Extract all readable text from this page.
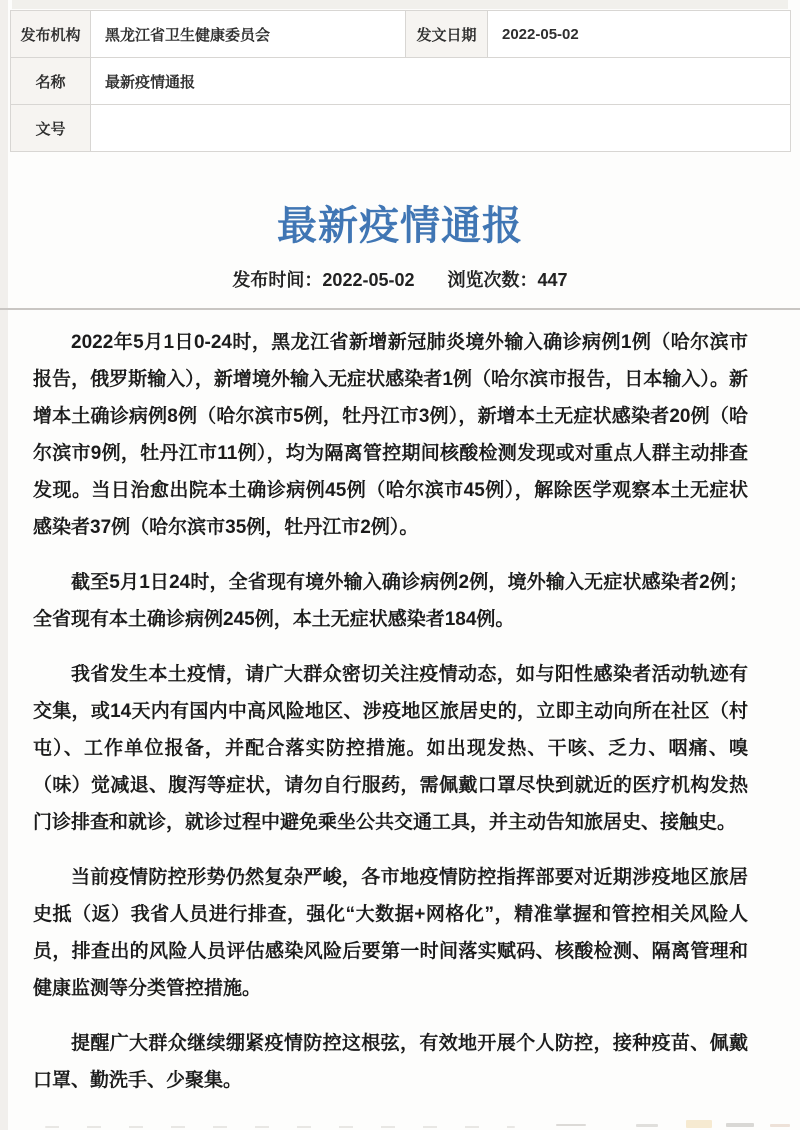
发布机构	黑龙江省卫生健康委员会	发文日期	2022-05-02
名称	最新疫情通报		
文号			
最新疫情通报
发布时间：2022-05-02 浏览次数：447

2022年5月1日0-24时，黑龙江省新增新冠肺炎境外输入确诊病例1例（哈尔滨市报告，俄罗斯输入），新增境外输入无症状感染者1例（哈尔滨市报告，日本输入）。新增本土确诊病例8例（哈尔滨市5例，牡丹江市3例），新增本土无症状感染者20例（哈尔滨市9例，牡丹江市11例），均为隔离管控期间核酸检测发现或对重点人群主动排查发现。当日治愈出院本土确诊病例45例（哈尔滨市45例），解除医学观察本土无症状感染者37例（哈尔滨市35例，牡丹江市2例）。

截至5月1日24时，全省现有境外输入确诊病例2例，境外输入无症状感染者2例；全省现有本土确诊病例245例，本土无症状感染者184例。

我省发生本土疫情，请广大群众密切关注疫情动态，如与阳性感染者活动轨迹有交集，或14天内有国内中高风险地区、涉疫地区旅居史的，立即主动向所在社区（村屯）、工作单位报备，并配合落实防控措施。如出现发热、干咳、乏力、咽痛、嗅（味）觉减退、腹泻等症状，请勿自行服药，需佩戴口罩尽快到就近的医疗机构发热门诊排查和就诊，就诊过程中避免乘坐公共交通工具，并主动告知旅居史、接触史。

当前疫情防控形势仍然复杂严峻，各市地疫情防控指挥部要对近期涉疫地区旅居史抵（返）我省人员进行排查，强化“大数据+网格化”，精准掌握和管控相关风险人员，排查出的风险人员评估感染风险后要第一时间落实赋码、核酸检测、隔离管理和健康监测等分类管控措施。

提醒广大群众继续绷紧疫情防控这根弦，有效地开展个人防控，接种疫苗、佩戴口罩、勤洗手、少聚集。
